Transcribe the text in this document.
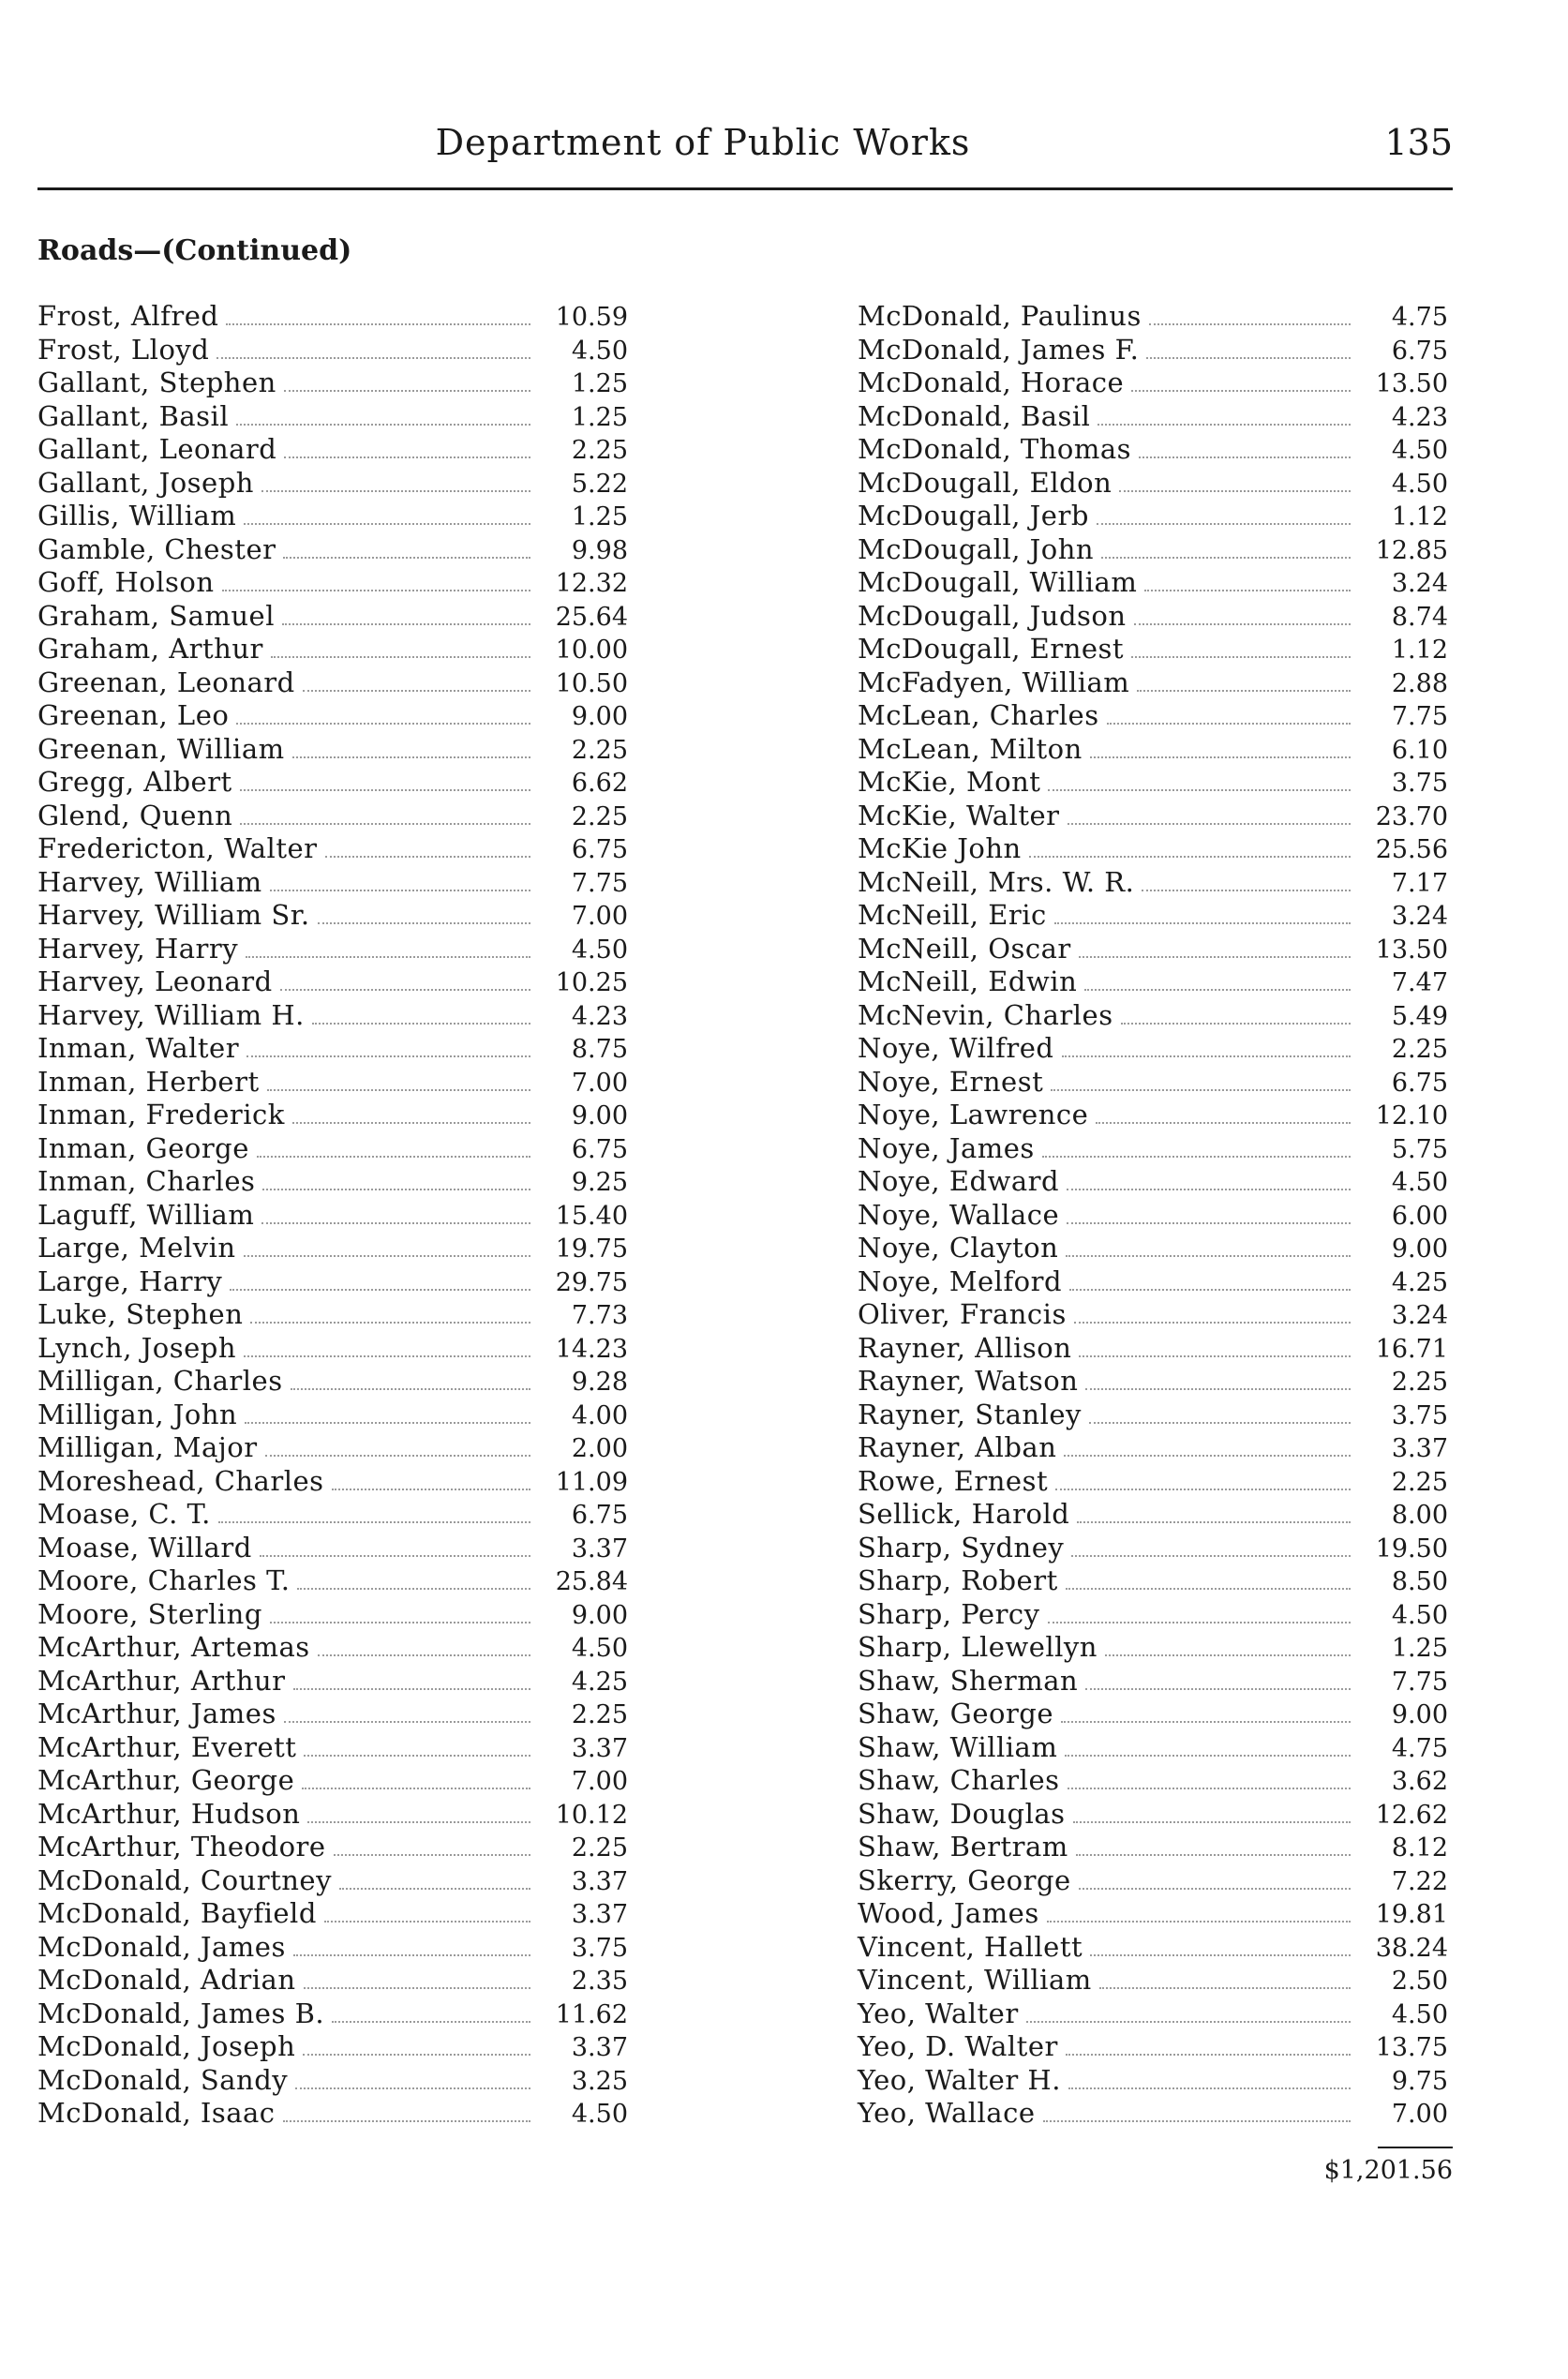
Department of Public Works	135
Roads—(Continued)
Frost, Alfred	10.59
Frost, Lloyd	4.50
Gallant, Stephen	1.25
Gallant, Basil	1.25
Gallant, Leonard	2.25
Gallant, Joseph	5.22
Gillis, William	1.25
Gamble, Chester	9.98
Goff, Holson	12.32
Graham, Samuel	25.64
Graham, Arthur	10.00
Greenan, Leonard	10.50
Greenan, Leo	9.00
Greenan, William	2.25
Gregg, Albert	6.62
Glend, Quenn	2.25
Fredericton, Walter	6.75
Harvey, William	7.75
Harvey, William Sr.	7.00
Harvey, Harry	4.50
Harvey, Leonard	10.25
Harvey, William H.	4.23
Inman, Walter	8.75
Inman, Herbert	7.00
Inman, Frederick	9.00
Inman, George	6.75
Inman, Charles	9.25
Laguff, William	15.40
Large, Melvin	19.75
Large, Harry	29.75
Luke, Stephen	7.73
Lynch, Joseph	14.23
Milligan, Charles	9.28
Milligan, John	4.00
Milligan, Major	2.00
Moreshead, Charles	11.09
Moase, C. T.	6.75
Moase, Willard	3.37
Moore, Charles T.	25.84
Moore, Sterling	9.00
McArthur, Artemas	4.50
McArthur, Arthur	4.25
McArthur, James	2.25
McArthur, Everett	3.37
McArthur, George	7.00
McArthur, Hudson	10.12
McArthur, Theodore	2.25
McDonald, Courtney	3.37
McDonald, Bayfield	3.37
McDonald, James	3.75
McDonald, Adrian	2.35
McDonald, James B.	11.62
McDonald, Joseph	3.37
McDonald, Sandy	3.25
McDonald, Isaac	4.50
McDonald, Paulinus	4.75
McDonald, James F.	6.75
McDonald, Horace	13.50
McDonald, Basil	4.23
McDonald, Thomas	4.50
McDougall, Eldon	4.50
McDougall, Jerb	1.12
McDougall, John	12.85
McDougall, William	3.24
McDougall, Judson	8.74
McDougall, Ernest	1.12
McFadyen, William	2.88
McLean, Charles	7.75
McLean, Milton	6.10
McKie, Mont	3.75
McKie, Walter	23.70
McKie John	25.56
McNeill, Mrs. W. R.	7.17
McNeill, Eric	3.24
McNeill, Oscar	13.50
McNeill, Edwin	7.47
McNevin, Charles	5.49
Noye, Wilfred	2.25
Noye, Ernest	6.75
Noye, Lawrence	12.10
Noye, James	5.75
Noye, Edward	4.50
Noye, Wallace	6.00
Noye, Clayton	9.00
Noye, Melford	4.25
Oliver, Francis	3.24
Rayner, Allison	16.71
Rayner, Watson	2.25
Rayner, Stanley	3.75
Rayner, Alban	3.37
Rowe, Ernest	2.25
Sellick, Harold	8.00
Sharp, Sydney	19.50
Sharp, Robert	8.50
Sharp, Percy	4.50
Sharp, Llewellyn	1.25
Shaw, Sherman	7.75
Shaw, George	9.00
Shaw, William	4.75
Shaw, Charles	3.62
Shaw, Douglas	12.62
Shaw, Bertram	8.12
Skerry, George	7.22
Wood, James	19.81
Vincent, Hallett	38.24
Vincent, William	2.50
Yeo, Walter	4.50
Yeo, D. Walter	13.75
Yeo, Walter H.	9.75
Yeo, Wallace	7.00
$1,201.56
